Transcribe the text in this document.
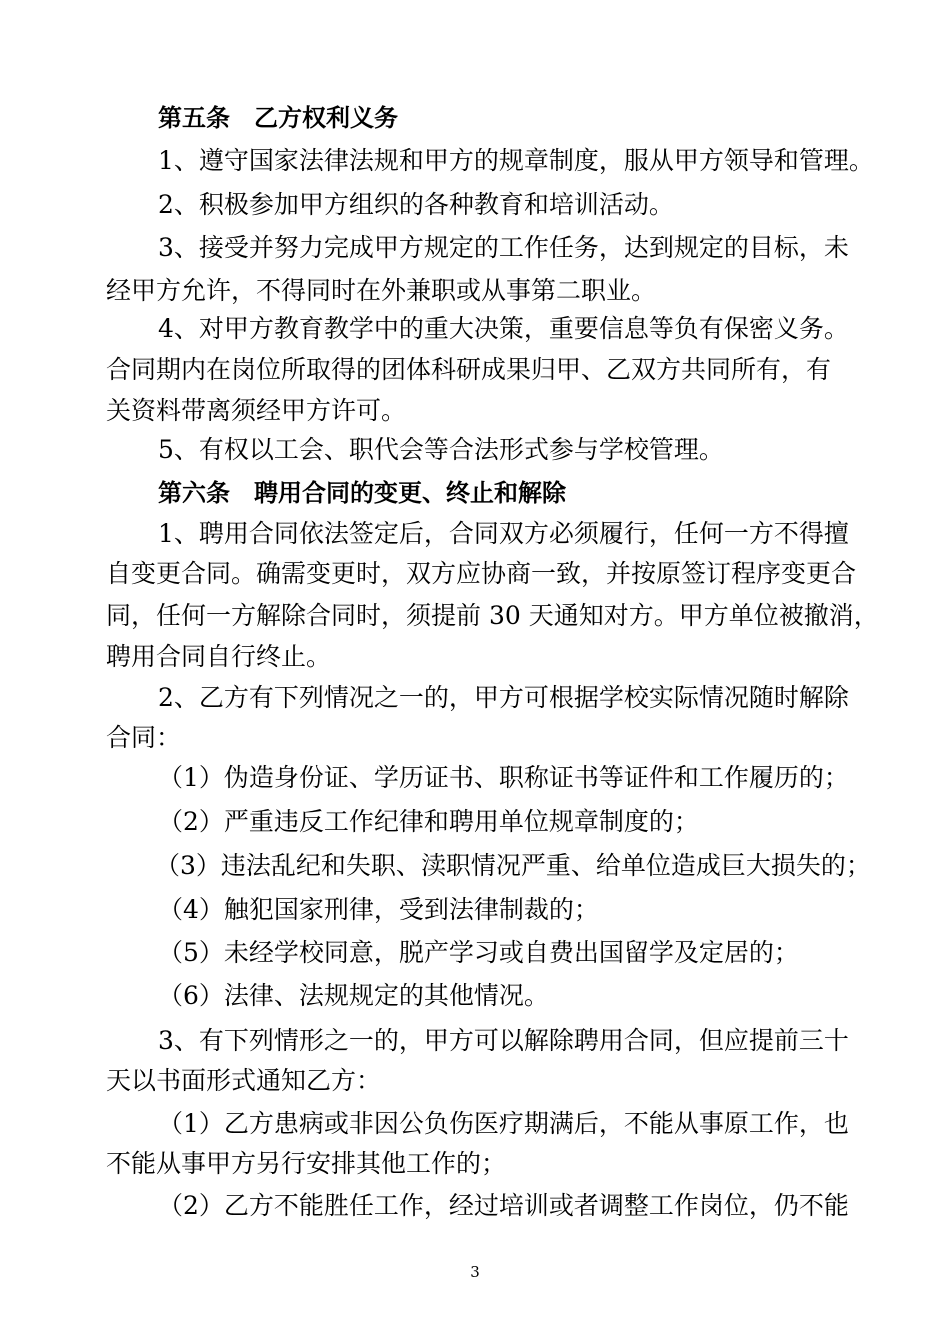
第五条　乙方权利义务
1、遵守国家法律法规和甲方的规章制度，服从甲方领导和管理。
2、积极参加甲方组织的各种教育和培训活动。
3、接受并努力完成甲方规定的工作任务，达到规定的目标，未
经甲方允许，不得同时在外兼职或从事第二职业。
4、对甲方教育教学中的重大决策，重要信息等负有保密义务。
合同期内在岗位所取得的团体科研成果归甲、乙双方共同所有，有
关资料带离须经甲方许可。
5、有权以工会、职代会等合法形式参与学校管理。
第六条　聘用合同的变更、终止和解除
1、聘用合同依法签定后，合同双方必须履行，任何一方不得擅
自变更合同。确需变更时，双方应协商一致，并按原签订程序变更合
同，任何一方解除合同时，须提前 30 天通知对方。甲方单位被撤消，
聘用合同自行终止。
2、乙方有下列情况之一的，甲方可根据学校实际情况随时解除
合同：
（1）伪造身份证、学历证书、职称证书等证件和工作履历的；
（2）严重违反工作纪律和聘用单位规章制度的；
（3）违法乱纪和失职、渎职情况严重、给单位造成巨大损失的；
（4）触犯国家刑律，受到法律制裁的；
（5）未经学校同意，脱产学习或自费出国留学及定居的；
（6）法律、法规规定的其他情况。
3、有下列情形之一的，甲方可以解除聘用合同，但应提前三十
天以书面形式通知乙方：
（1）乙方患病或非因公负伤医疗期满后，不能从事原工作，也
不能从事甲方另行安排其他工作的；
（2）乙方不能胜任工作，经过培训或者调整工作岗位，仍不能
3
